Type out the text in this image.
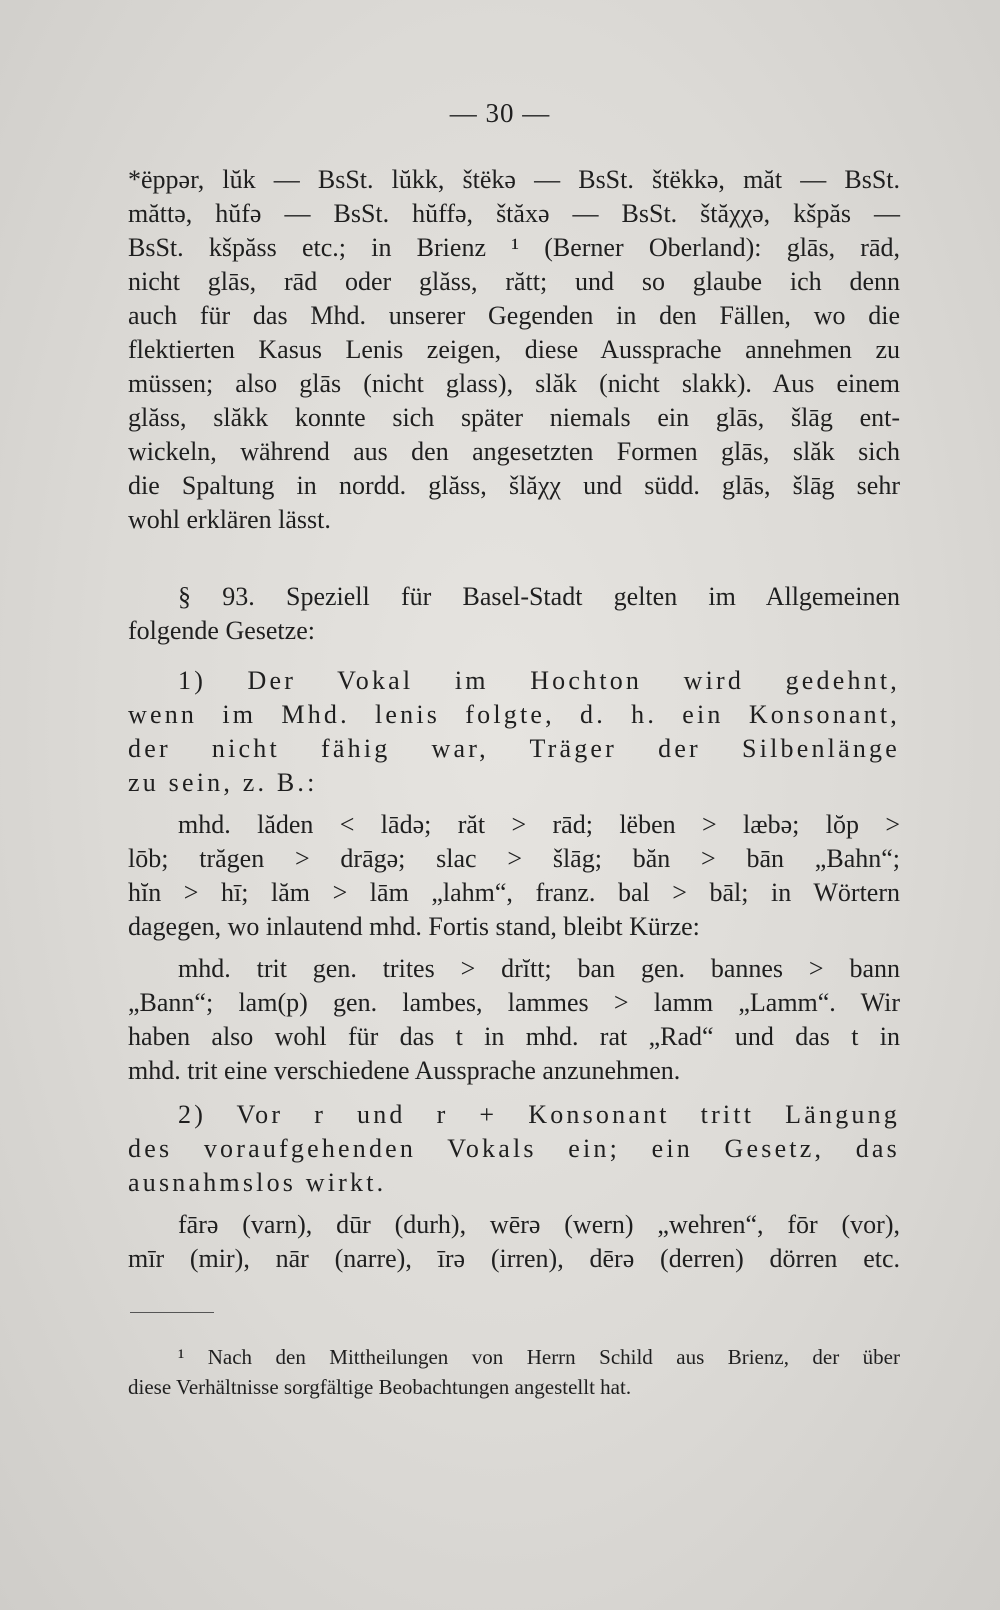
— 30 —
*ëppər, lŭk — BsSt. lŭkk, štëkə — BsSt. štëkkə, măt — BsSt.
măttə, hŭfə — BsSt. hŭffə, štăxə — BsSt. štăχχə, kšpăs —
BsSt. kšpăss etc.; in Brienz ¹ (Berner Oberland): glās, rād,
nicht glās, rād oder glăss, rătt; und so glaube ich denn
auch für das Mhd. unserer Gegenden in den Fällen, wo die
flektierten Kasus Lenis zeigen, diese Aussprache annehmen zu
müssen; also glās (nicht glass), slăk (nicht slakk). Aus einem
glăss, slăkk konnte sich später niemals ein glās, šlāg ent-
wickeln, während aus den angesetzten Formen glās, slăk sich
die Spaltung in nordd. glăss, šlăχχ und südd. glās, šlāg sehr
wohl erklären lässt.
§ 93. Speziell für Basel-Stadt gelten im Allgemeinen
folgende Gesetze:
1) Der Vokal im Hochton wird gedehnt,
wenn im Mhd. lenis folgte, d. h. ein Konsonant,
der nicht fähig war, Träger der Silbenlänge
zu sein, z. B.:
mhd. lăden < lādə; răt > rād; lëben > læbə; lŏp >
lōb; trăgen > drāgə; slac > šlāg; băn > bān „Bahn“;
hĭn > hī; lăm > lām „lahm“, franz. bal > bāl; in Wörtern
dagegen, wo inlautend mhd. Fortis stand, bleibt Kürze:
mhd. trit gen. trites > drĭtt; ban gen. bannes > bann
„Bann“; lam(p) gen. lambes, lammes > lamm „Lamm“. Wir
haben also wohl für das t in mhd. rat „Rad“ und das t in
mhd. trit eine verschiedene Aussprache anzunehmen.
2) Vor r und r + Konsonant tritt Längung
des voraufgehenden Vokals ein; ein Gesetz, das
ausnahmslos wirkt.
fārə (varn), dūr (durh), wērə (wern) „wehren“, fōr (vor),
mīr (mir), nār (narre), īrə (irren), dērə (derren) dörren etc.
¹ Nach den Mittheilungen von Herrn Schild aus Brienz, der über
diese Verhältnisse sorgfältige Beobachtungen angestellt hat.
